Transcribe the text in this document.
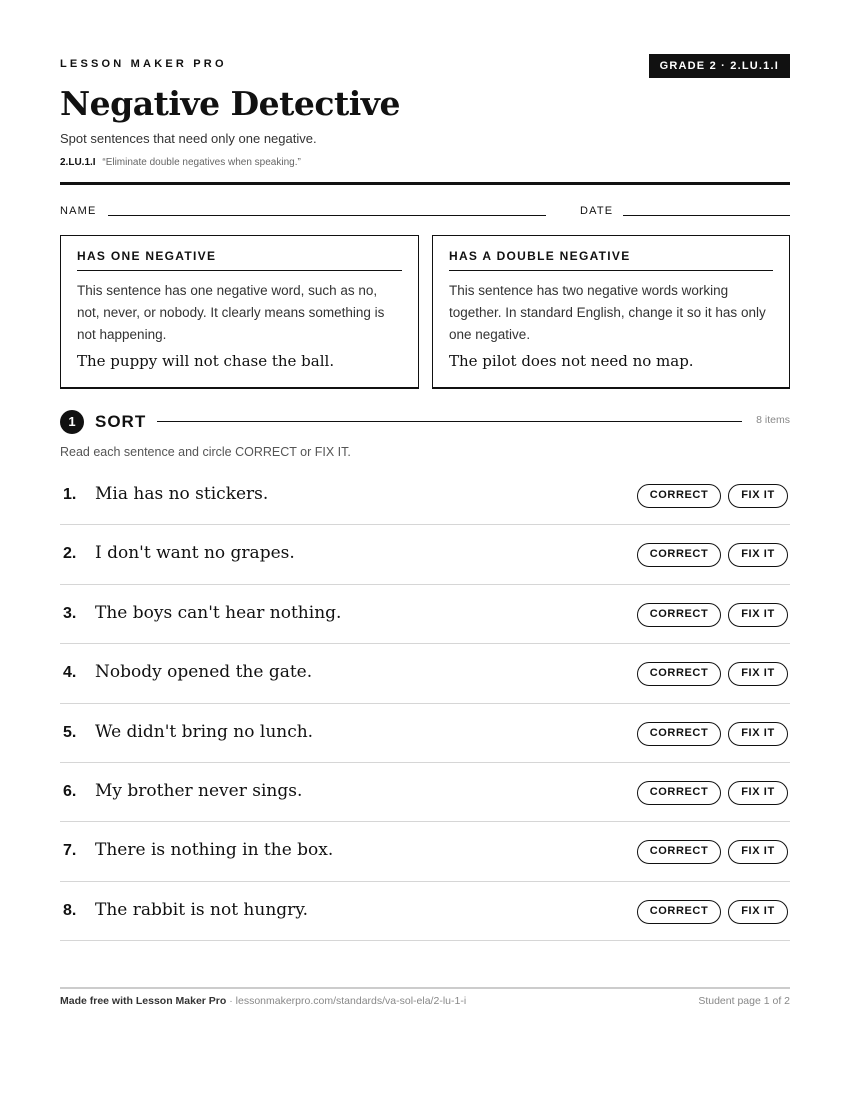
LESSON MAKER PRO	GRADE 2 · 2.LU.1.I
Negative Detective
Spot sentences that need only one negative.
2.LU.1.I “Eliminate double negatives when speaking.”
NAME	DATE
HAS ONE NEGATIVE
This sentence has one negative word, such as no, not, never, or nobody. It clearly means something is not happening.
The puppy will not chase the ball.
HAS A DOUBLE NEGATIVE
This sentence has two negative words working together. In standard English, change it so it has only one negative.
The pilot does not need no map.
1	SORT	8 items
Read each sentence and circle CORRECT or FIX IT.
1. Mia has no stickers.	CORRECT	FIX IT
2. I don't want no grapes.	CORRECT	FIX IT
3. The boys can't hear nothing.	CORRECT	FIX IT
4. Nobody opened the gate.	CORRECT	FIX IT
5. We didn't bring no lunch.	CORRECT	FIX IT
6. My brother never sings.	CORRECT	FIX IT
7. There is nothing in the box.	CORRECT	FIX IT
8. The rabbit is not hungry.	CORRECT	FIX IT
Made free with Lesson Maker Pro · lessonmakerpro.com/standards/va-sol-ela/2-lu-1-i	Student page 1 of 2
